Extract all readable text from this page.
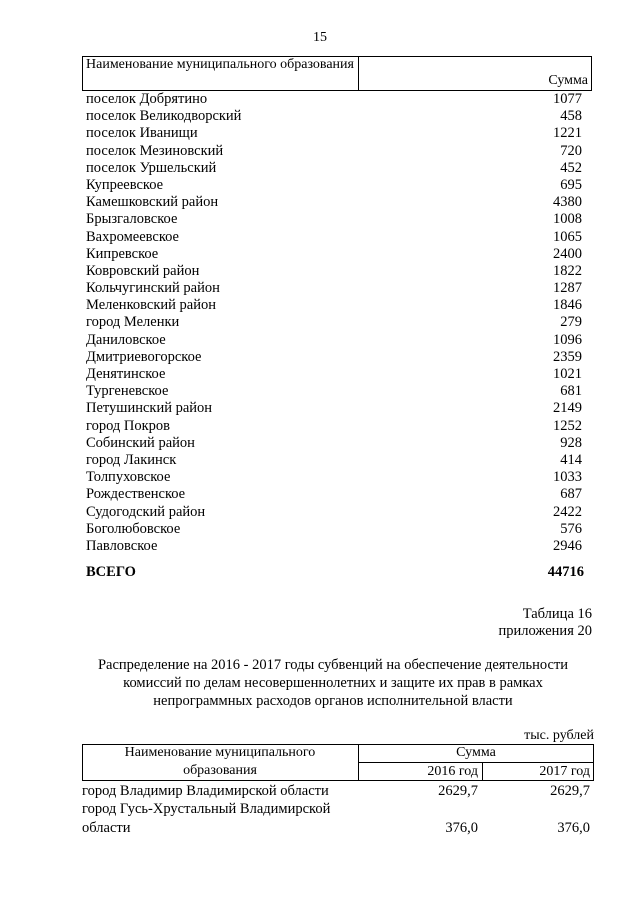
15
Наименование муниципального образования
Сумма
поселок Добрятино	1077
поселок Великодворский	458
поселок Иванищи	1221
поселок Мезиновский	720
поселок Уршельский	452
Купреевское	695
Камешковский район	4380
Брызгаловское	1008
Вахромеевское	1065
Кипревское	2400
Ковровский район	1822
Кольчугинский район	1287
Меленковский район	1846
город Меленки	279
Даниловское	1096
Дмитриевогорское	2359
Денятинское	1021
Тургеневское	681
Петушинский район	2149
город Покров	1252
Собинский район	928
город Лакинск	414
Толпуховское	1033
Рождественское	687
Судогодский район	2422
Боголюбовское	576
Павловское	2946
ВСЕГО	44716
Таблица 16
приложения 20
Распределение на 2016 - 2017 годы субвенций на обеспечение деятельности комиссий по делам несовершеннолетних и защите их прав в рамках непрограммных расходов органов исполнительной власти
тыс. рублей
Наименование муниципального
образования
Сумма
2016 год	2017 год
город Владимир Владимирской области	2629,7	2629,7
город Гусь-Хрустальный Владимирской области	376,0	376,0
